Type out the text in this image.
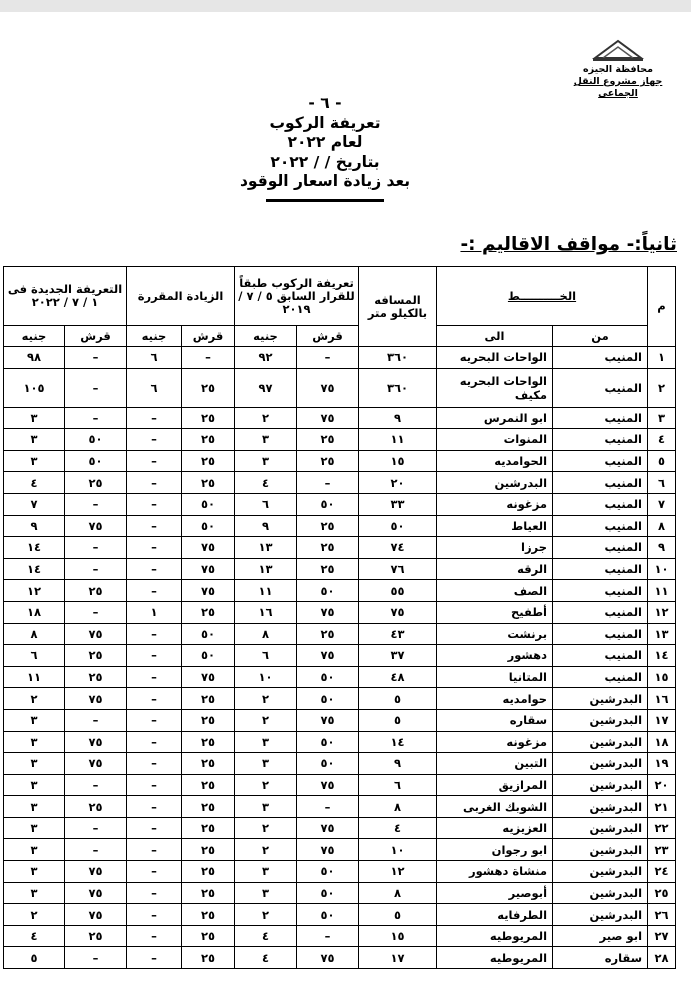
محافظة الجيزه
جهاز مشروع النقل الجماعى
- ٦ -
تعريفة الركوب
لعام ٢٠٢٢
بتاريخ / / ٢٠٢٢
بعد زيادة اسعار الوقود
ثانياً:- مواقف الاقاليم :-
م	الخــــــــــط		المسافه بالكيلو متر	تعريفة الركوب طبقاً للقرار السابق ٥ / ٧ / ٢٠١٩		الزيادة المقررة		التعريفة الجديدة فى ١ / ٧ / ٢٠٢٢	
	من	الى		قرش	جنيه	قرش	جنيه	قرش	جنيه
١	المنيب	الواحات البحريه	٣٦٠	–	٩٢	–	٦	–	٩٨
٢	المنيب	الواحات البحريه مكيف	٣٦٠	٧٥	٩٧	٢٥	٦	–	١٠٥
٣	المنيب	ابو النمرس	٩	٧٥	٢	٢٥	–	–	٣
٤	المنيب	المنوات	١١	٢٥	٣	٢٥	–	٥٠	٣
٥	المنيب	الحوامديه	١٥	٢٥	٣	٢٥	–	٥٠	٣
٦	المنيب	البدرشين	٢٠	–	٤	٢٥	–	٢٥	٤
٧	المنيب	مزغونه	٣٣	٥٠	٦	٥٠	–	–	٧
٨	المنيب	العياط	٥٠	٢٥	٩	٥٠	–	٧٥	٩
٩	المنيب	جرزا	٧٤	٢٥	١٣	٧٥	–	–	١٤
١٠	المنيب	الرقه	٧٦	٢٥	١٣	٧٥	–	–	١٤
١١	المنيب	الصف	٥٥	٥٠	١١	٧٥	–	٢٥	١٢
١٢	المنيب	أطفيح	٧٥	٧٥	١٦	٢٥	١	–	١٨
١٣	المنيب	برنشت	٤٣	٢٥	٨	٥٠	–	٧٥	٨
١٤	المنيب	دهشور	٣٧	٧٥	٦	٥٠	–	٢٥	٦
١٥	المنيب	المتانيا	٤٨	٥٠	١٠	٧٥	–	٢٥	١١
١٦	البدرشين	حوامديه	٥	٥٠	٢	٢٥	–	٧٥	٢
١٧	البدرشين	سقاره	٥	٧٥	٢	٢٥	–	–	٣
١٨	البدرشين	مزغونه	١٤	٥٠	٣	٢٥	–	٧٥	٣
١٩	البدرشين	التبين	٩	٥٠	٣	٢٥	–	٧٥	٣
٢٠	البدرشين	المرازيق	٦	٧٥	٢	٢٥	–	–	٣
٢١	البدرشين	الشوبك الغربى	٨	–	٣	٢٥	–	٢٥	٣
٢٢	البدرشين	العزيزيه	٤	٧٥	٢	٢٥	–	–	٣
٢٣	البدرشين	ابو رجوان	١٠	٧٥	٢	٢٥	–	–	٣
٢٤	البدرشين	منشاة دهشور	١٢	٥٠	٣	٢٥	–	٧٥	٣
٢٥	البدرشين	أبوصير	٨	٥٠	٣	٢٥	–	٧٥	٣
٢٦	البدرشين	الطرفايه	٥	٥٠	٢	٢٥	–	٧٥	٢
٢٧	ابو صير	المريوطيه	١٥	–	٤	٢٥	–	٢٥	٤
٢٨	سقاره	المريوطيه	١٧	٧٥	٤	٢٥	–	–	٥
